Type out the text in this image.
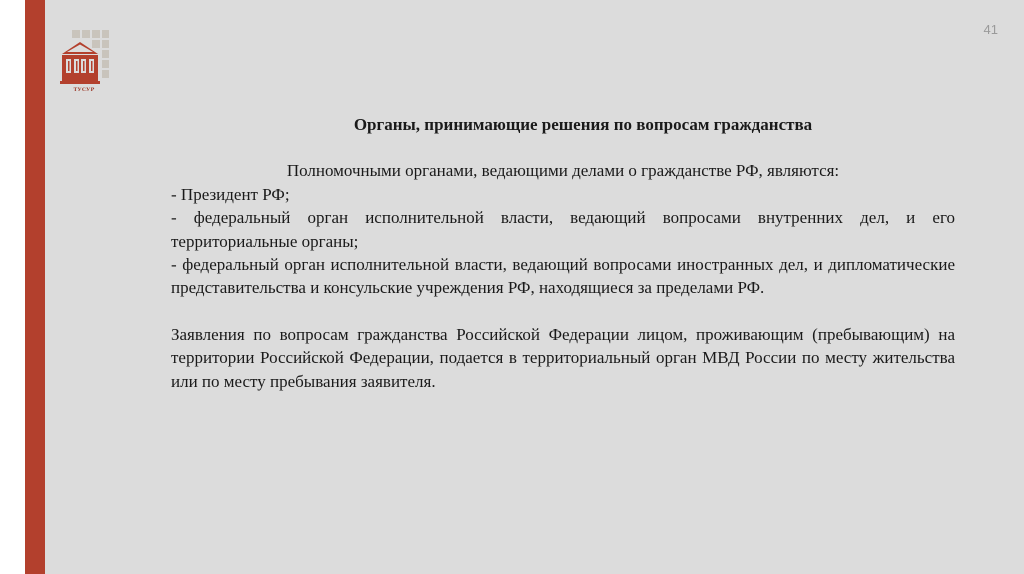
ТУСУР
41

Органы, принимающие решения по вопросам гражданства

Полномочными органами, ведающими делами о гражданстве РФ, являются:

- Президент РФ;

- федеральный орган исполнительной власти, ведающий вопросами внутренних дел, и его территориальные органы;

- федеральный орган исполнительной власти, ведающий вопросами иностранных дел, и дипломатические представительства и консульские учреждения РФ, находящиеся за пределами РФ.

Заявления по вопросам гражданства Российской Федерации лицом, проживающим (пребывающим) на территории Российской Федерации, подается в территориальный орган МВД России по месту жительства или по месту пребывания заявителя.
